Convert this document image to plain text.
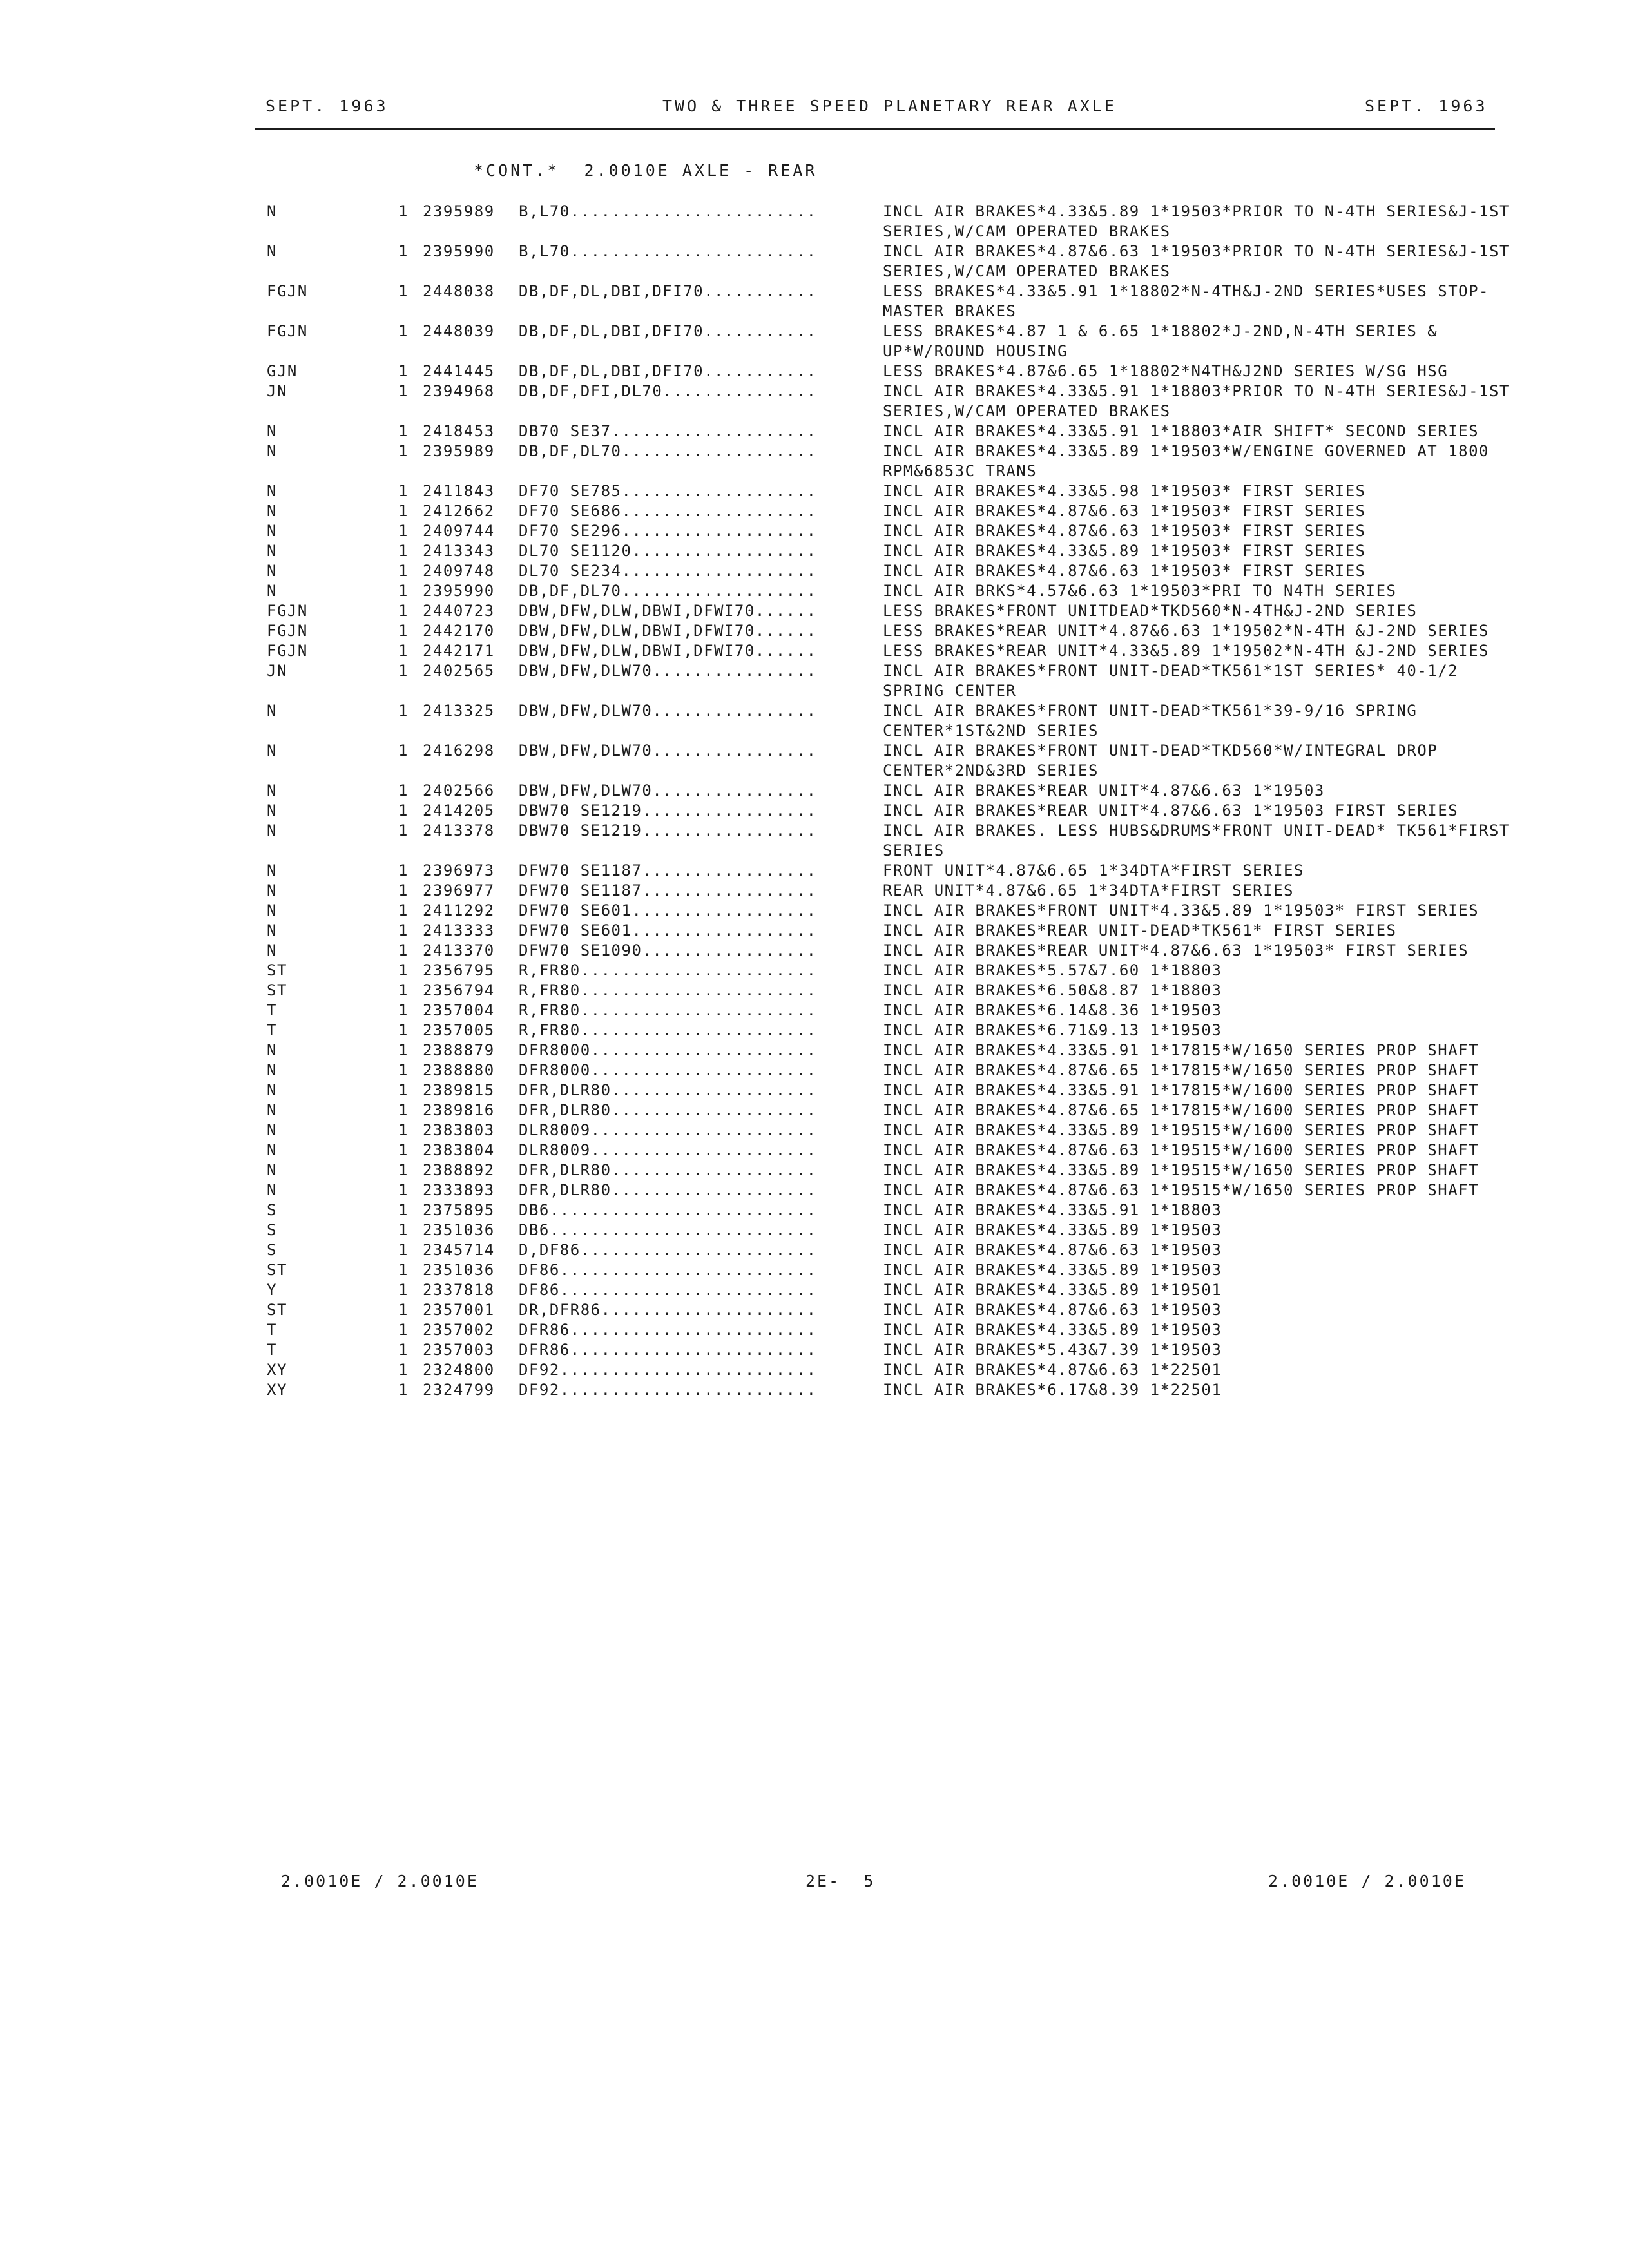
SEPT. 1963	TWO & THREE SPEED PLANETARY REAR AXLE	SEPT. 1963
*CONT.*  2.0010E AXLE - REAR
N	1 2395989 B,L70........................	INCL AIR BRAKES*4.33&5.89 1*19503*PRIOR TO N-4TH SERIES&J-1ST SERIES,W/CAM OPERATED BRAKES
N	1 2395990 B,L70........................	INCL AIR BRAKES*4.87&6.63 1*19503*PRIOR TO N-4TH SERIES&J-1ST SERIES,W/CAM OPERATED BRAKES
FGJN	1 2448038 DB,DF,DL,DBI,DFI70...........	LESS BRAKES*4.33&5.91 1*18802*N-4TH&J-2ND SERIES*USES STOP-MASTER BRAKES
FGJN	1 2448039 DB,DF,DL,DBI,DFI70...........	LESS BRAKES*4.87 1 & 6.65 1*18802*J-2ND,N-4TH SERIES & UP*W/ROUND HOUSING
GJN	1 2441445 DB,DF,DL,DBI,DFI70...........	LESS BRAKES*4.87&6.65 1*18802*N4TH&J2ND SERIES W/SG HSG
JN	1 2394968 DB,DF,DFI,DL70...............	INCL AIR BRAKES*4.33&5.91 1*18803*PRIOR TO N-4TH SERIES&J-1ST SERIES,W/CAM OPERATED BRAKES
N	1 2418453 DB70 SE37....................	INCL AIR BRAKES*4.33&5.91 1*18803*AIR SHIFT* SECOND SERIES
N	1 2395989 DB,DF,DL70...................	INCL AIR BRAKES*4.33&5.89 1*19503*W/ENGINE GOVERNED AT 1800 RPM&6853C TRANS
N	1 2411843 DF70 SE785...................	INCL AIR BRAKES*4.33&5.98 1*19503* FIRST SERIES
N	1 2412662 DF70 SE686...................	INCL AIR BRAKES*4.87&6.63 1*19503* FIRST SERIES
N	1 2409744 DF70 SE296...................	INCL AIR BRAKES*4.87&6.63 1*19503* FIRST SERIES
N	1 2413343 DL70 SE1120..................	INCL AIR BRAKES*4.33&5.89 1*19503* FIRST SERIES
N	1 2409748 DL70 SE234...................	INCL AIR BRAKES*4.87&6.63 1*19503* FIRST SERIES
N	1 2395990 DB,DF,DL70...................	INCL AIR BRKS*4.57&6.63 1*19503*PRI TO N4TH SERIES
FGJN	1 2440723 DBW,DFW,DLW,DBWI,DFWI70......	LESS BRAKES*FRONT UNITDEAD*TKD560*N-4TH&J-2ND SERIES
FGJN	1 2442170 DBW,DFW,DLW,DBWI,DFWI70......	LESS BRAKES*REAR UNIT*4.87&6.63 1*19502*N-4TH &J-2ND SERIES
FGJN	1 2442171 DBW,DFW,DLW,DBWI,DFWI70......	LESS BRAKES*REAR UNIT*4.33&5.89 1*19502*N-4TH &J-2ND SERIES
JN	1 2402565 DBW,DFW,DLW70................	INCL AIR BRAKES*FRONT UNIT-DEAD*TK561*1ST SERIES* 40-1/2 SPRING CENTER
N	1 2413325 DBW,DFW,DLW70................	INCL AIR BRAKES*FRONT UNIT-DEAD*TK561*39-9/16 SPRING CENTER*1ST&2ND SERIES
N	1 2416298 DBW,DFW,DLW70................	INCL AIR BRAKES*FRONT UNIT-DEAD*TKD560*W/INTEGRAL DROP CENTER*2ND&3RD SERIES
N	1 2402566 DBW,DFW,DLW70................	INCL AIR BRAKES*REAR UNIT*4.87&6.63 1*19503
N	1 2414205 DBW70 SE1219.................	INCL AIR BRAKES*REAR UNIT*4.87&6.63 1*19503 FIRST SERIES
N	1 2413378 DBW70 SE1219.................	INCL AIR BRAKES. LESS HUBS&DRUMS*FRONT UNIT-DEAD* TK561*FIRST SERIES
N	1 2396973 DFW70 SE1187.................	FRONT UNIT*4.87&6.65 1*34DTA*FIRST SERIES
N	1 2396977 DFW70 SE1187.................	REAR UNIT*4.87&6.65 1*34DTA*FIRST SERIES
N	1 2411292 DFW70 SE601..................	INCL AIR BRAKES*FRONT UNIT*4.33&5.89 1*19503* FIRST SERIES
N	1 2413333 DFW70 SE601..................	INCL AIR BRAKES*REAR UNIT-DEAD*TK561* FIRST SERIES
N	1 2413370 DFW70 SE1090.................	INCL AIR BRAKES*REAR UNIT*4.87&6.63 1*19503* FIRST SERIES
ST	1 2356795 R,FR80.......................	INCL AIR BRAKES*5.57&7.60 1*18803
ST	1 2356794 R,FR80.......................	INCL AIR BRAKES*6.50&8.87 1*18803
T	1 2357004 R,FR80.......................	INCL AIR BRAKES*6.14&8.36 1*19503
T	1 2357005 R,FR80.......................	INCL AIR BRAKES*6.71&9.13 1*19503
N	1 2388879 DFR8000......................	INCL AIR BRAKES*4.33&5.91 1*17815*W/1650 SERIES PROP SHAFT
N	1 2388880 DFR8000......................	INCL AIR BRAKES*4.87&6.65 1*17815*W/1650 SERIES PROP SHAFT
N	1 2389815 DFR,DLR80....................	INCL AIR BRAKES*4.33&5.91 1*17815*W/1600 SERIES PROP SHAFT
N	1 2389816 DFR,DLR80....................	INCL AIR BRAKES*4.87&6.65 1*17815*W/1600 SERIES PROP SHAFT
N	1 2383803 DLR8009......................	INCL AIR BRAKES*4.33&5.89 1*19515*W/1600 SERIES PROP SHAFT
N	1 2383804 DLR8009......................	INCL AIR BRAKES*4.87&6.63 1*19515*W/1600 SERIES PROP SHAFT
N	1 2388892 DFR,DLR80....................	INCL AIR BRAKES*4.33&5.89 1*19515*W/1650 SERIES PROP SHAFT
N	1 2333893 DFR,DLR80....................	INCL AIR BRAKES*4.87&6.63 1*19515*W/1650 SERIES PROP SHAFT
S	1 2375895 DB6..........................	INCL AIR BRAKES*4.33&5.91 1*18803
S	1 2351036 DB6..........................	INCL AIR BRAKES*4.33&5.89 1*19503
S	1 2345714 D,DF86.......................	INCL AIR BRAKES*4.87&6.63 1*19503
ST	1 2351036 DF86.........................	INCL AIR BRAKES*4.33&5.89 1*19503
Y	1 2337818 DF86.........................	INCL AIR BRAKES*4.33&5.89 1*19501
ST	1 2357001 DR,DFR86.....................	INCL AIR BRAKES*4.87&6.63 1*19503
T	1 2357002 DFR86........................	INCL AIR BRAKES*4.33&5.89 1*19503
T	1 2357003 DFR86........................	INCL AIR BRAKES*5.43&7.39 1*19503
XY	1 2324800 DF92.........................	INCL AIR BRAKES*4.87&6.63 1*22501
XY	1 2324799 DF92.........................	INCL AIR BRAKES*6.17&8.39 1*22501
2.0010E / 2.0010E	2E-  5	2.0010E / 2.0010E
